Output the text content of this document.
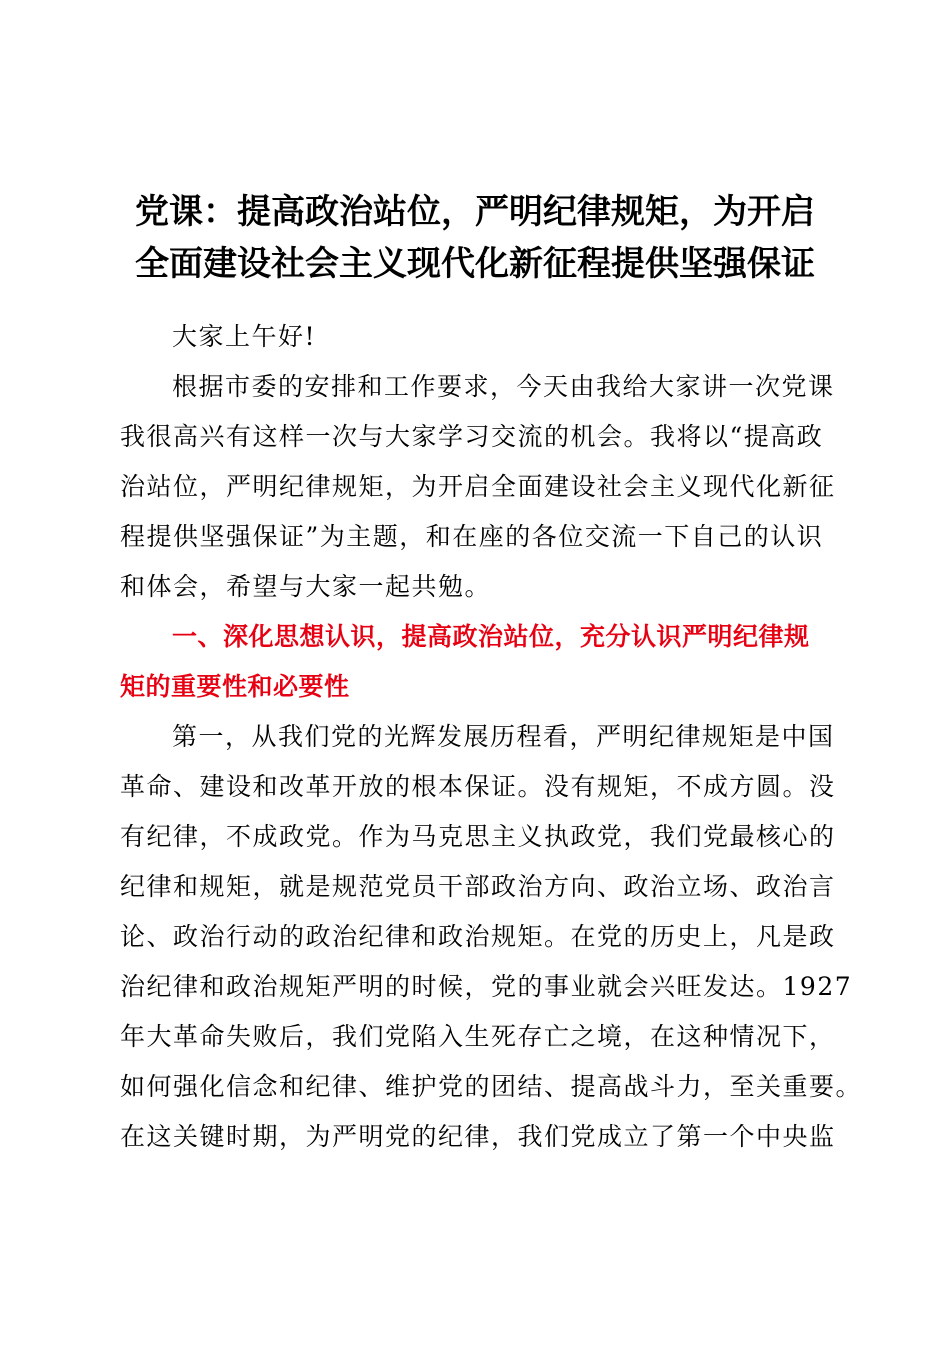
党课：提高政治站位，严明纪律规矩，为开启
全面建设社会主义现代化新征程提供坚强保证
大家上午好!
根据市委的安排和工作要求，今天由我给大家讲一次党课
我很高兴有这样一次与大家学习交流的机会。我将以“提高政
治站位，严明纪律规矩，为开启全面建设社会主义现代化新征
程提供坚强保证”为主题，和在座的各位交流一下自己的认识
和体会，希望与大家一起共勉。
一、深化思想认识，提高政治站位，充分认识严明纪律规
矩的重要性和必要性
第一，从我们党的光辉发展历程看，严明纪律规矩是中国
革命、建设和改革开放的根本保证。没有规矩，不成方圆。没
有纪律，不成政党。作为马克思主义执政党，我们党最核心的
纪律和规矩，就是规范党员干部政治方向、政治立场、政治言
论、政治行动的政治纪律和政治规矩。在党的历史上，凡是政
治纪律和政治规矩严明的时候，党的事业就会兴旺发达。1927
年大革命失败后，我们党陷入生死存亡之境，在这种情况下，
如何强化信念和纪律、维护党的团结、提高战斗力，至关重要。
在这关键时期，为严明党的纪律，我们党成立了第一个中央监
